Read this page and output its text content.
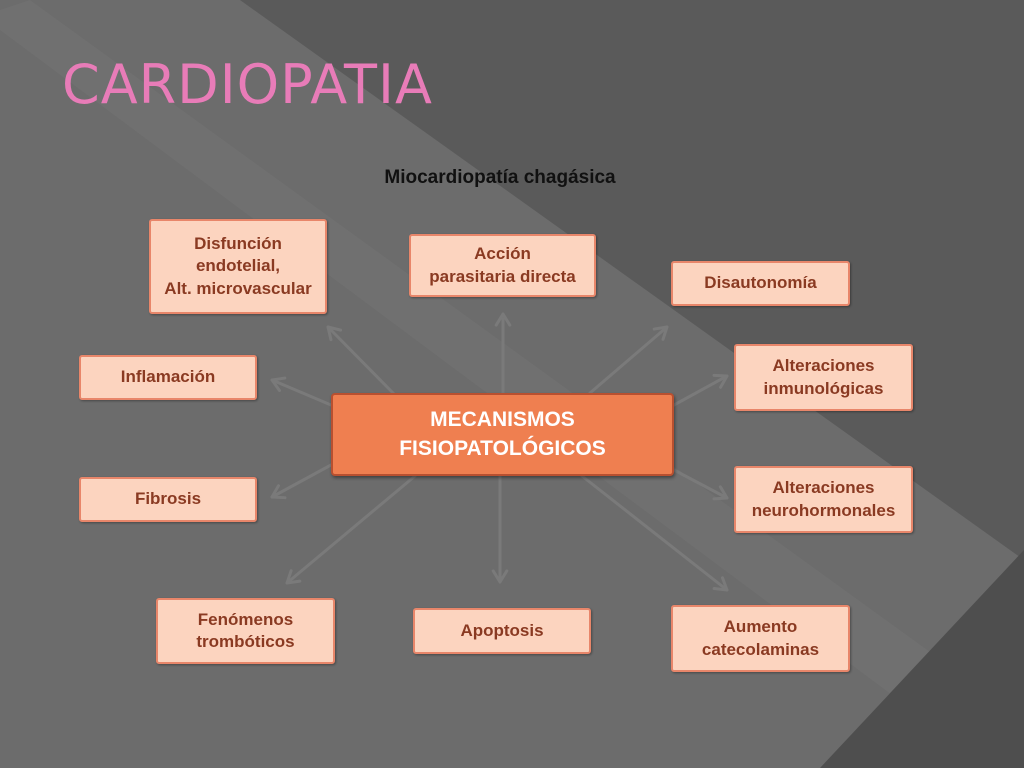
CARDIOPATIA
Miocardiopatía chagásica
Disfunción
endotelial,
Alt. microvascular
Acción
parasitaria directa	Disautonomía
Inflamación
Alteraciones
inmunológicas
Fibrosis
Alteraciones
neurohormonales
Fenómenos
trombóticos
Apoptosis	Aumento
catecolaminas
MECANISMOS
FISIOPATOLÓGICOS
